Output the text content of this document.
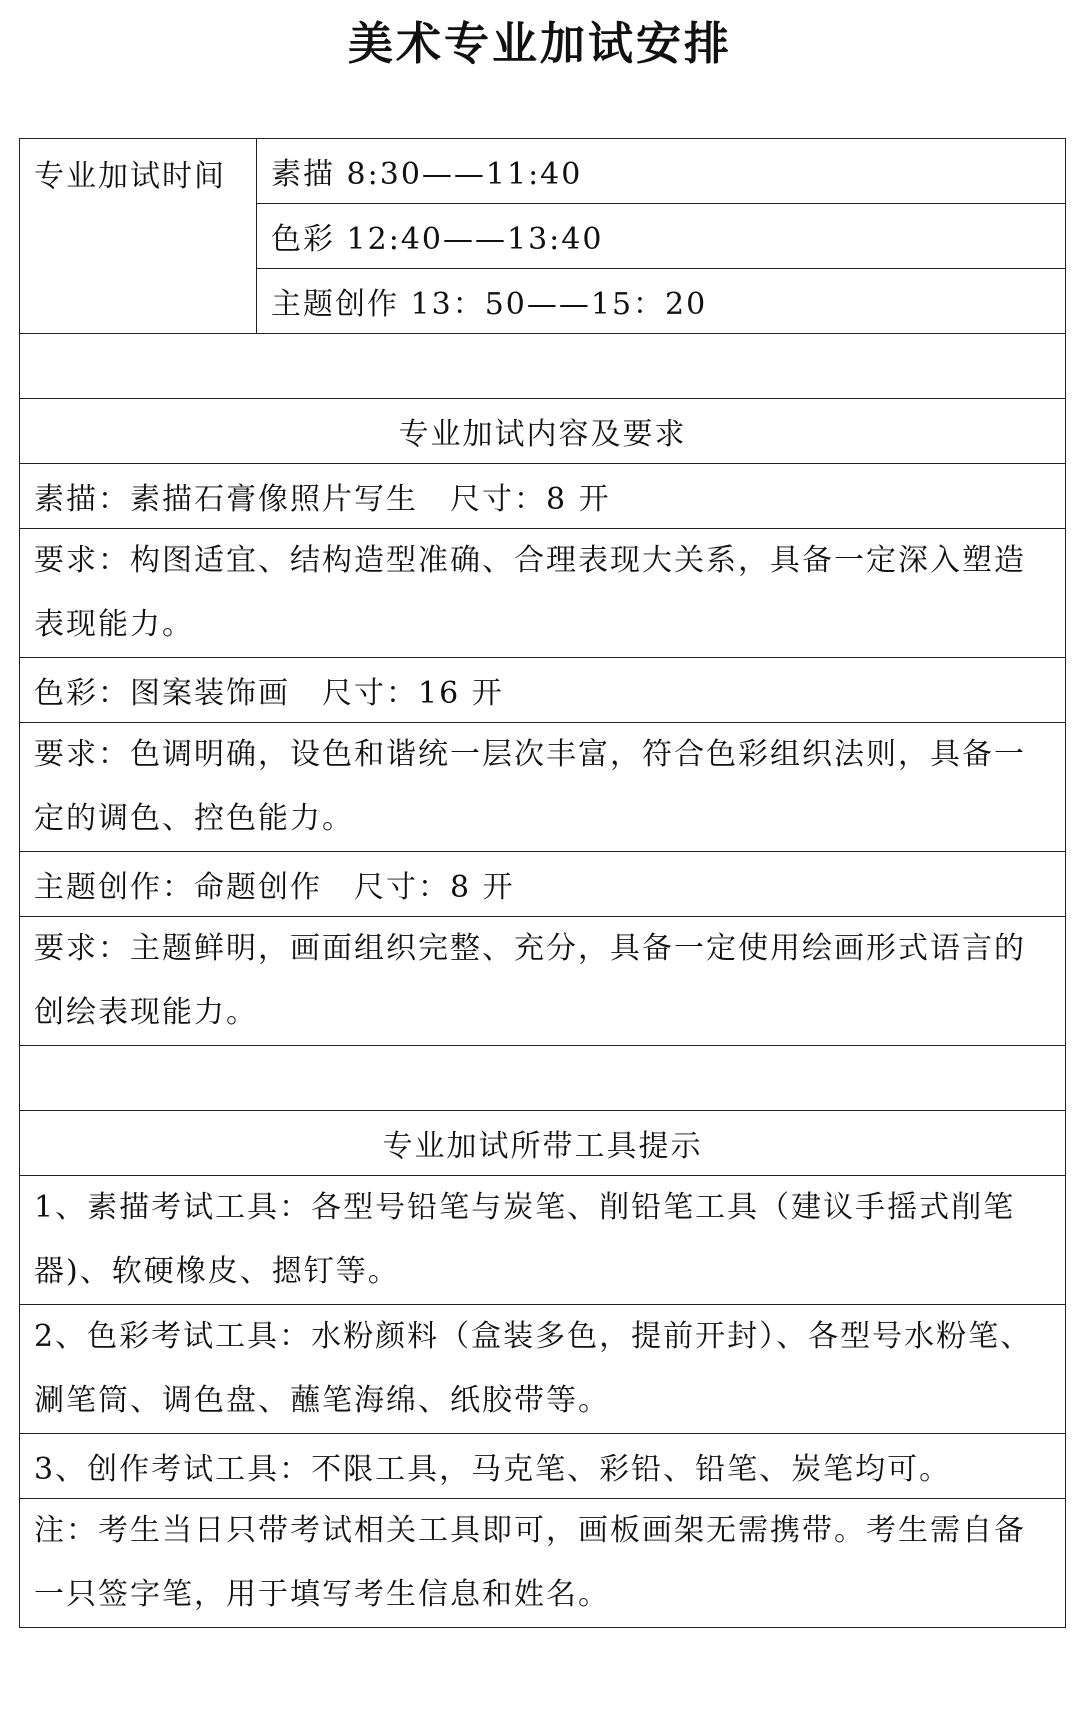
美术专业加试安排
专业加试时间	素描 8:30——11:40
色彩 12:40——13:40
主题创作 13：50——15：20

专业加试内容及要求
素描：素描石膏像照片写生　尺寸：8 开
要求：构图适宜、结构造型准确、合理表现大关系，具备一定深入塑造表现能力。
色彩：图案装饰画　尺寸：16 开
要求：色调明确，设色和谐统一层次丰富，符合色彩组织法则，具备一定的调色、控色能力。
主题创作：命题创作　尺寸：8 开
要求：主题鲜明，画面组织完整、充分，具备一定使用绘画形式语言的创绘表现能力。

专业加试所带工具提示
1、素描考试工具：各型号铅笔与炭笔、削铅笔工具（建议手摇式削笔器)、软硬橡皮、摁钉等。
2、色彩考试工具：水粉颜料（盒装多色，提前开封）、各型号水粉笔、涮笔筒、调色盘、蘸笔海绵、纸胶带等。
3、创作考试工具：不限工具，马克笔、彩铅、铅笔、炭笔均可。
注：考生当日只带考试相关工具即可，画板画架无需携带。考生需自备一只签字笔，用于填写考生信息和姓名。
